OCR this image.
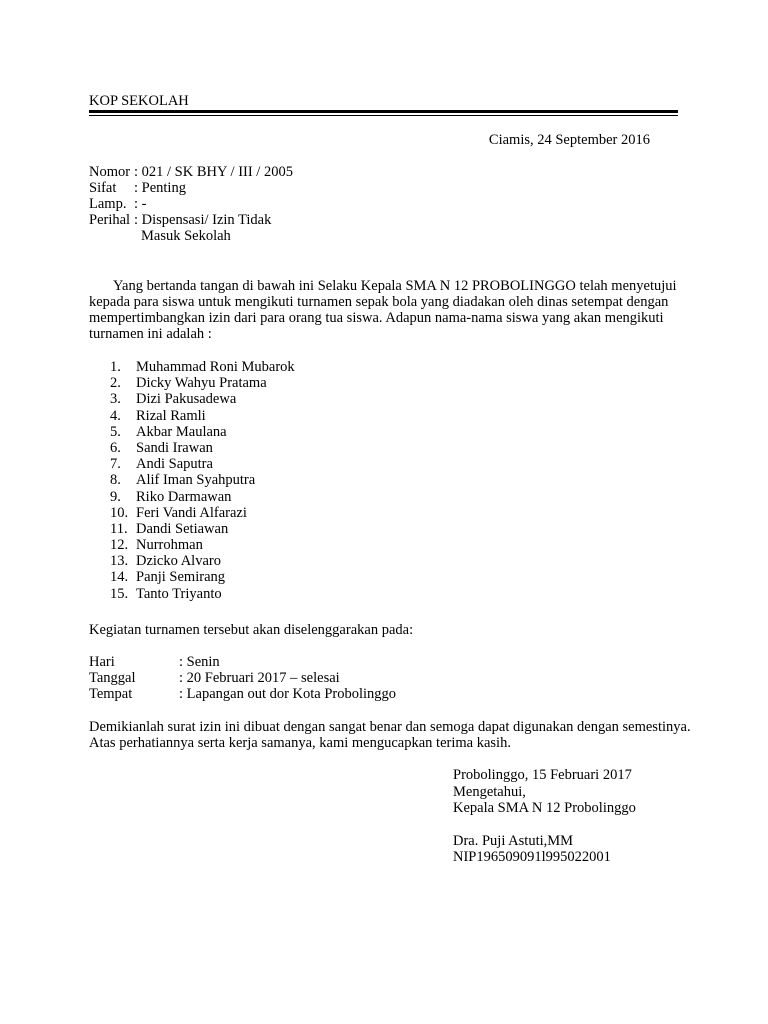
KOP SEKOLAH
Ciamis, 24 September 2016
Nomor : 021 / SK BHY / III / 2005
Sifat	: Penting
Lamp. : -
Perihal : Dispensasi/ Izin Tidak
Masuk Sekolah

Yang bertanda tangan di bawah ini Selaku Kepala SMA N 12 PROBOLINGGO telah menyetujui

kepada para siswa untuk mengikuti turnamen sepak bola yang diadakan oleh dinas setempat dengan

mempertimbangkan izin dari para orang tua siswa. Adapun nama-nama siswa yang akan mengikuti

turnamen ini adalah :

1.	Muhammad Roni Mubarok
2.	Dicky Wahyu Pratama
3.	Dizi Pakusadewa
4.	Rizal Ramli
5.	Akbar Maulana
6.	Sandi Irawan
7.	Andi Saputra
8.	Alif Iman Syahputra
9.	Riko Darmawan
10. Feri Vandi Alfarazi
11. Dandi Setiawan
12. Nurrohman
13. Dzicko Alvaro
14. Panji Semirang
15. Tanto Triyanto
Kegiatan turnamen tersebut akan diselenggarakan pada:
Hari	: Senin
Tanggal	: 20 Februari 2017 – selesai
Tempat	: Lapangan out dor Kota Probolinggo

Demikianlah surat izin ini dibuat dengan sangat benar dan semoga dapat digunakan dengan semestinya.

Atas perhatiannya serta kerja samanya, kami mengucapkan terima kasih.

Probolinggo, 15 Februari 2017

Mengetahui,

Kepala SMA N 12 Probolinggo

Dra. Puji Astuti,MM

NIP196509091l995022001
